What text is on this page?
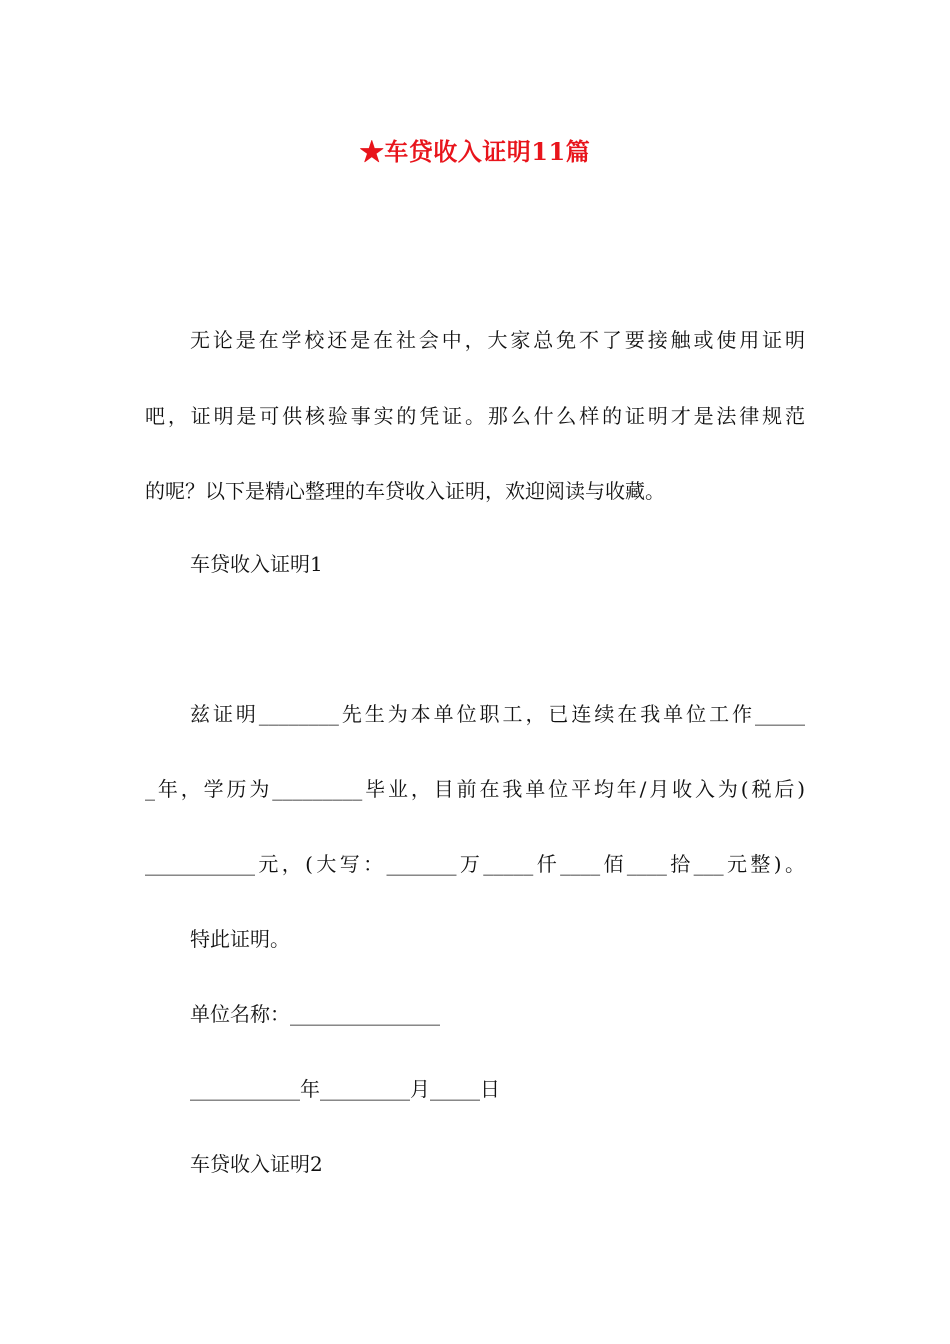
★车贷收入证明11篇
无论是在学校还是在社会中，大家总免不了要接触或使用证明
吧，证明是可供核验事实的凭证。那么什么样的证明才是法律规范
的呢？以下是精心整理的车贷收入证明，欢迎阅读与收藏。
车贷收入证明1
兹证明________先生为本单位职工，已连续在我单位工作_____
_年，学历为_________毕业，目前在我单位平均年/月收入为(税后)
___________元，(大写：_______万_____仟____佰____拾___元整)。
特此证明。
单位名称：_______________
___________年_________月_____日
车贷收入证明2
